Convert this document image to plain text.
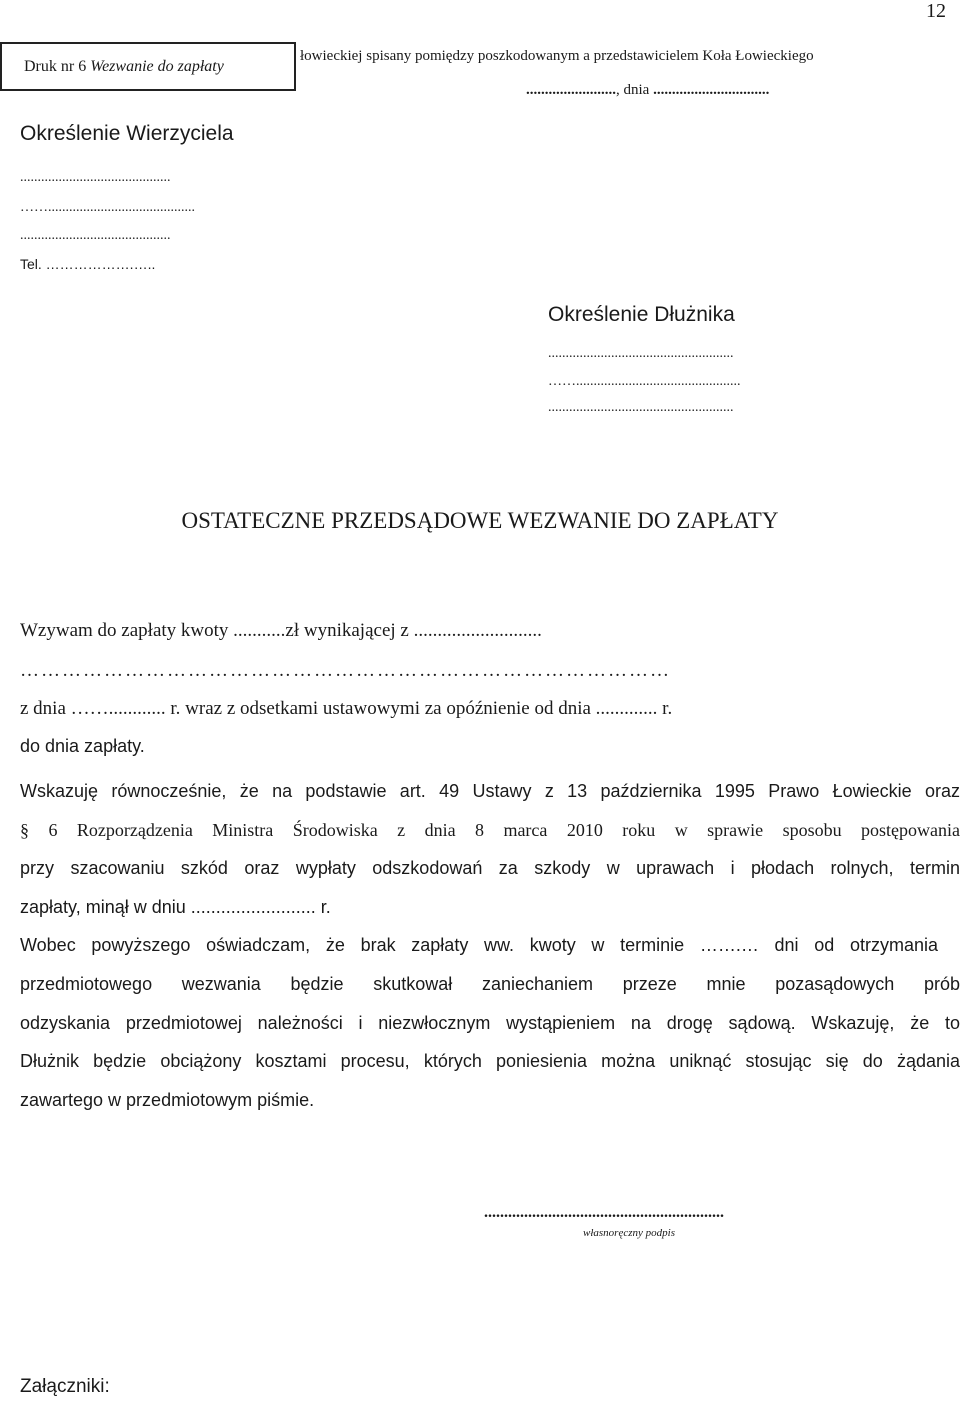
12
łowieckiej spisany pomiędzy poszkodowanym a przedstawicielem Koła Łowieckiego
Druk nr 6 Wezwanie do zapłaty
........................, dnia ...............................
Określenie Wierzyciela
...........................................
……..........................................
...........................................
Tel. ……………….…..
Określenie Dłużnika
.....................................................
……...............................................
.....................................................
OSTATECZNE PRZEDSĄDOWE WEZWANIE DO ZAPŁATY
Wzywam do zapłaty kwoty ...........zł wynikającej z ...........................
…………………………………………………………………………………
z dnia ……............ r. wraz z odsetkami ustawowymi za opóźnienie od dnia ............. r.
do dnia zapłaty.
Wskazuję równocześnie, że na podstawie art. 49 Ustawy z 13 października 1995 Prawo Łowieckie oraz
§ 6 Rozporządzenia Ministra Środowiska z dnia 8 marca 2010 roku w sprawie sposobu postępowania
przy szacowaniu szkód oraz wypłaty odszkodowań za szkody w uprawach i płodach rolnych, termin
zapłaty, minął w dniu ......................... r.
Wobec powyższego oświadczam, że brak zapłaty ww. kwoty w terminie …….… dni od otrzymania
przedmiotowego wezwania będzie skutkował zaniechaniem przeze mnie pozasądowych prób
odzyskania przedmiotowej należności i niezwłocznym wystąpieniem na drogę sądową. Wskazuję, że to
Dłużnik będzie obciążony kosztami procesu, których poniesienia można uniknąć stosując się do żądania
zawartego w przedmiotowym piśmie.
............................................................
własnoręczny podpis
Załączniki:
